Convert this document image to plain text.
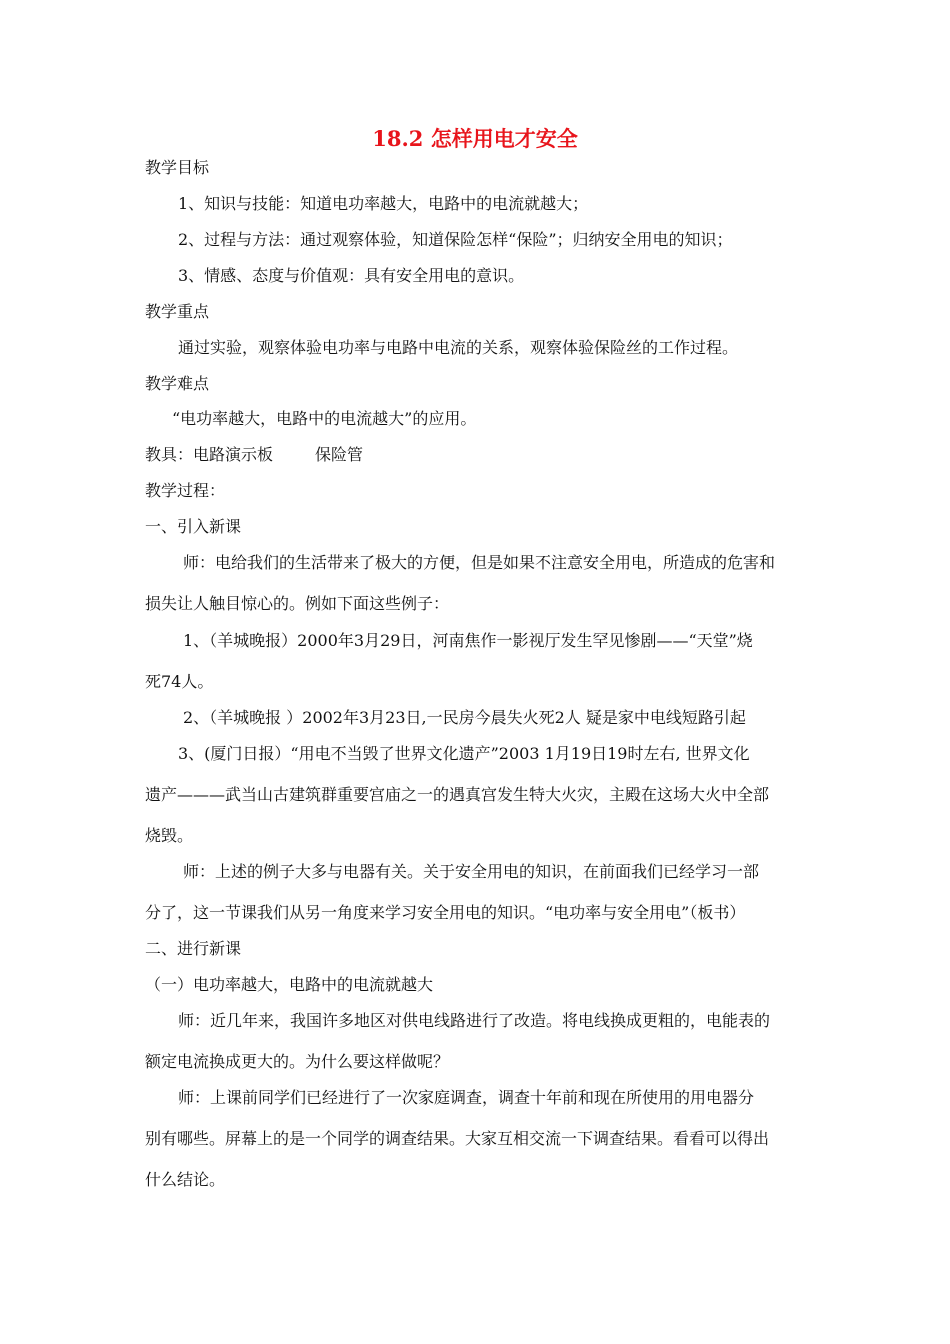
18.2 怎样用电才安全
教学目标
1、知识与技能：知道电功率越大，电路中的电流就越大；
2、过程与方法：通过观察体验，知道保险怎样“保险”；归纳安全用电的知识；
3、情感、态度与价值观：具有安全用电的意识。
教学重点
通过实验，观察体验电功率与电路中电流的关系，观察体验保险丝的工作过程。
教学难点
“电功率越大，电路中的电流越大”的应用。
教具：电路演示板	保险管
教学过程：
一、引入新课
师：电给我们的生活带来了极大的方便，但是如果不注意安全用电，所造成的危害和
损失让人触目惊心的。例如下面这些例子：
1、（羊城晚报）2000年3月29日，河南焦作一影视厅发生罕见惨剧——“天堂”烧
死74人。
2、（羊城晚报 ）2002年3月23日,一民房今晨失火死2人 疑是家中电线短路引起
3、(厦门日报）“用电不当毁了世界文化遗产”2003 1月19日19时左右, 世界文化
遗产———武当山古建筑群重要宫庙之一的遇真宫发生特大火灾，主殿在这场大火中全部
烧毁。
师：上述的例子大多与电器有关。关于安全用电的知识，在前面我们已经学习一部
分了，这一节课我们从另一角度来学习安全用电的知识。“电功率与安全用电”（板书）
二、进行新课
（一）电功率越大，电路中的电流就越大
师：近几年来，我国许多地区对供电线路进行了改造。将电线换成更粗的，电能表的
额定电流换成更大的。为什么要这样做呢？
师：上课前同学们已经进行了一次家庭调查，调查十年前和现在所使用的用电器分
别有哪些。屏幕上的是一个同学的调查结果。大家互相交流一下调查结果。看看可以得出
什么结论。
